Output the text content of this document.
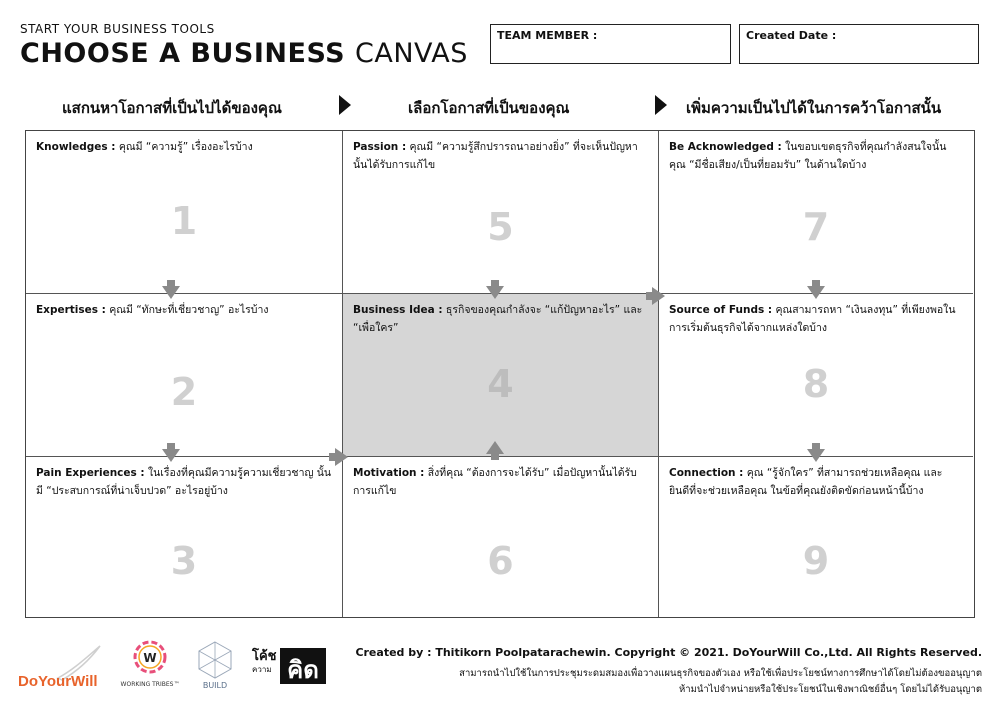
START YOUR BUSINESS TOOLS
CHOOSE A BUSINESS CANVAS
TEAM MEMBER :	Created Date :
แสกนหาโอกาสที่เป็นไปได้ของคุณ	เลือกโอกาสที่เป็นของคุณ	เพิ่มความเป็นไปได้ในการคว้าโอกาสนั้น
Knowledges : คุณมี “ความรู้” เรื่องอะไรบ้าง
1
Expertises : คุณมี “ทักษะที่เชี่ยวชาญ” อะไรบ้าง
2
Pain Experiences : ในเรื่องที่คุณมีความรู้ความเชี่ยวชาญ นั้น มี “ประสบการณ์ที่น่าเจ็บปวด” อะไรอยู่บ้าง
3
Passion : คุณมี “ความรู้สึกปรารถนาอย่างยิ่ง” ที่จะเห็นปัญหา นั้นได้รับการแก้ไข
5
Business Idea : ธุรกิจของคุณกำลังจะ “แก้ปัญหาอะไร” และ “เพื่อใคร”
4
Motivation : สิ่งที่คุณ “ต้องการจะได้รับ” เมื่อปัญหานั้นได้รับ การแก้ไข
6
Be Acknowledged : ในขอบเขตธุรกิจที่คุณกำลังสนใจนั้น คุณ “มีชื่อเสียง/เป็นที่ยอมรับ” ในด้านใดบ้าง
7
Source of Funds : คุณสามารถหา “เงินลงทุน” ที่เพียงพอใน การเริ่มต้นธุรกิจได้จากแหล่งใดบ้าง
8
Connection : คุณ “รู้จักใคร” ที่สามารถช่วยเหลือคุณ และ ยินดีที่จะช่วยเหลือคุณ ในข้อที่คุณยังติดขัดก่อนหน้านี้บ้าง
9
DoYourWill
W
WORKING TRIBES™	BUILD
โค้ช
ความ คิด
Created by : Thitikorn Poolpatarachewin. Copyright © 2021. DoYourWill Co.,Ltd. All Rights Reserved.
สามารถนำไปใช้ในการประชุมระดมสมองเพื่อวางแผนธุรกิจของตัวเอง หรือใช้เพื่อประโยชน์ทางการศึกษาได้โดยไม่ต้องขออนุญาต
ห้ามนำไปจำหน่ายหรือใช้ประโยชน์ในเชิงพาณิชย์อื่นๆ โดยไม่ได้รับอนุญาต
